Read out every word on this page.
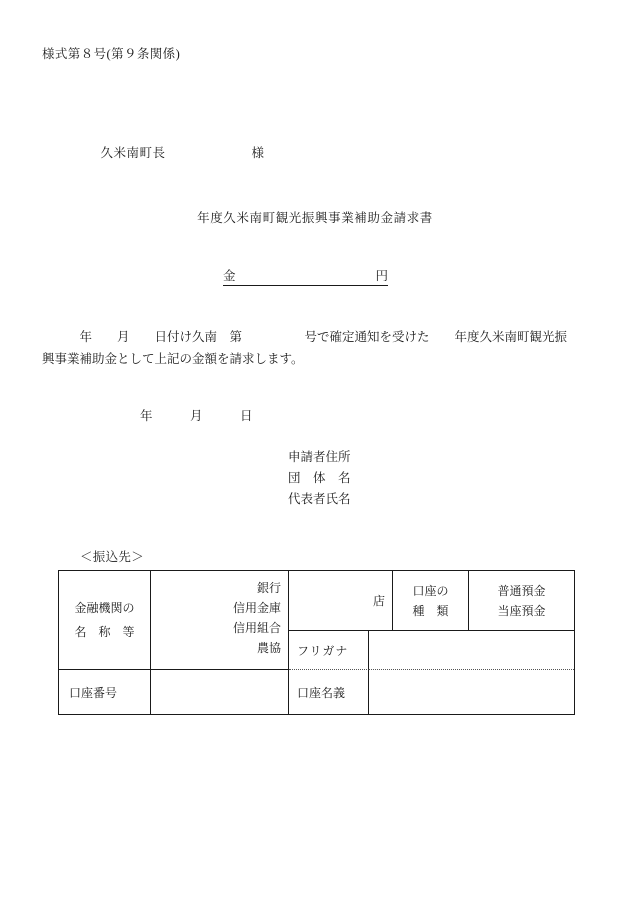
様式第８号(第９条関係)

久米南町長	様

年度久米南町観光振興事業補助金請求書
金	円
　　　年　　月　　日付け久南　第　　　　　号で確定通知を受けた　　年度久米南町観光振
興事業補助金として上記の金額を請求します。
年　　　月　　　日
申請者住所
団　体　名
代表者氏名
＜振込先＞
金融機関の
名　称　等
銀行
信用金庫
信用組合
農協
店
口座の
種　類
普通預金
当座預金
フリガナ
口座名義
口座番号
